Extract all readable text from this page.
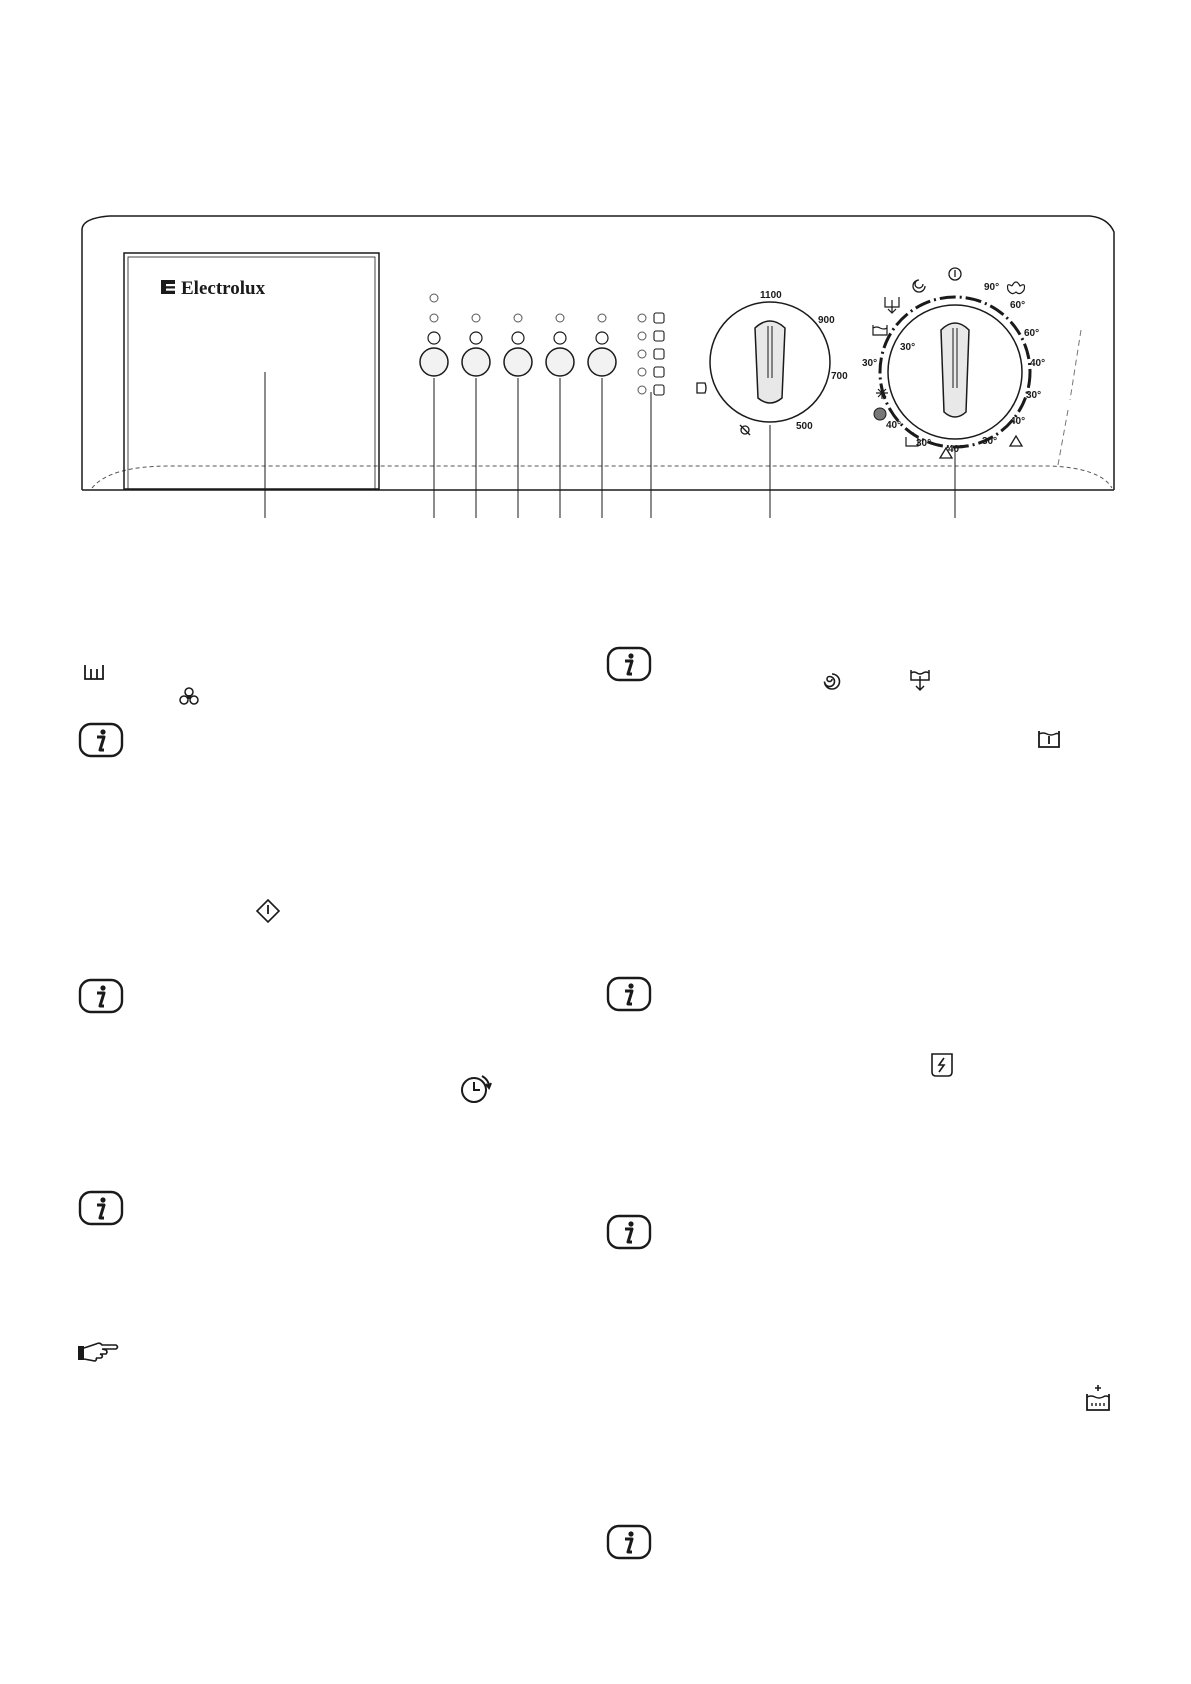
Electrolux	1100
900
700
500
90°
60°
60°
40°
30°
40°
30°
40°
30°
40°
30°
30°
